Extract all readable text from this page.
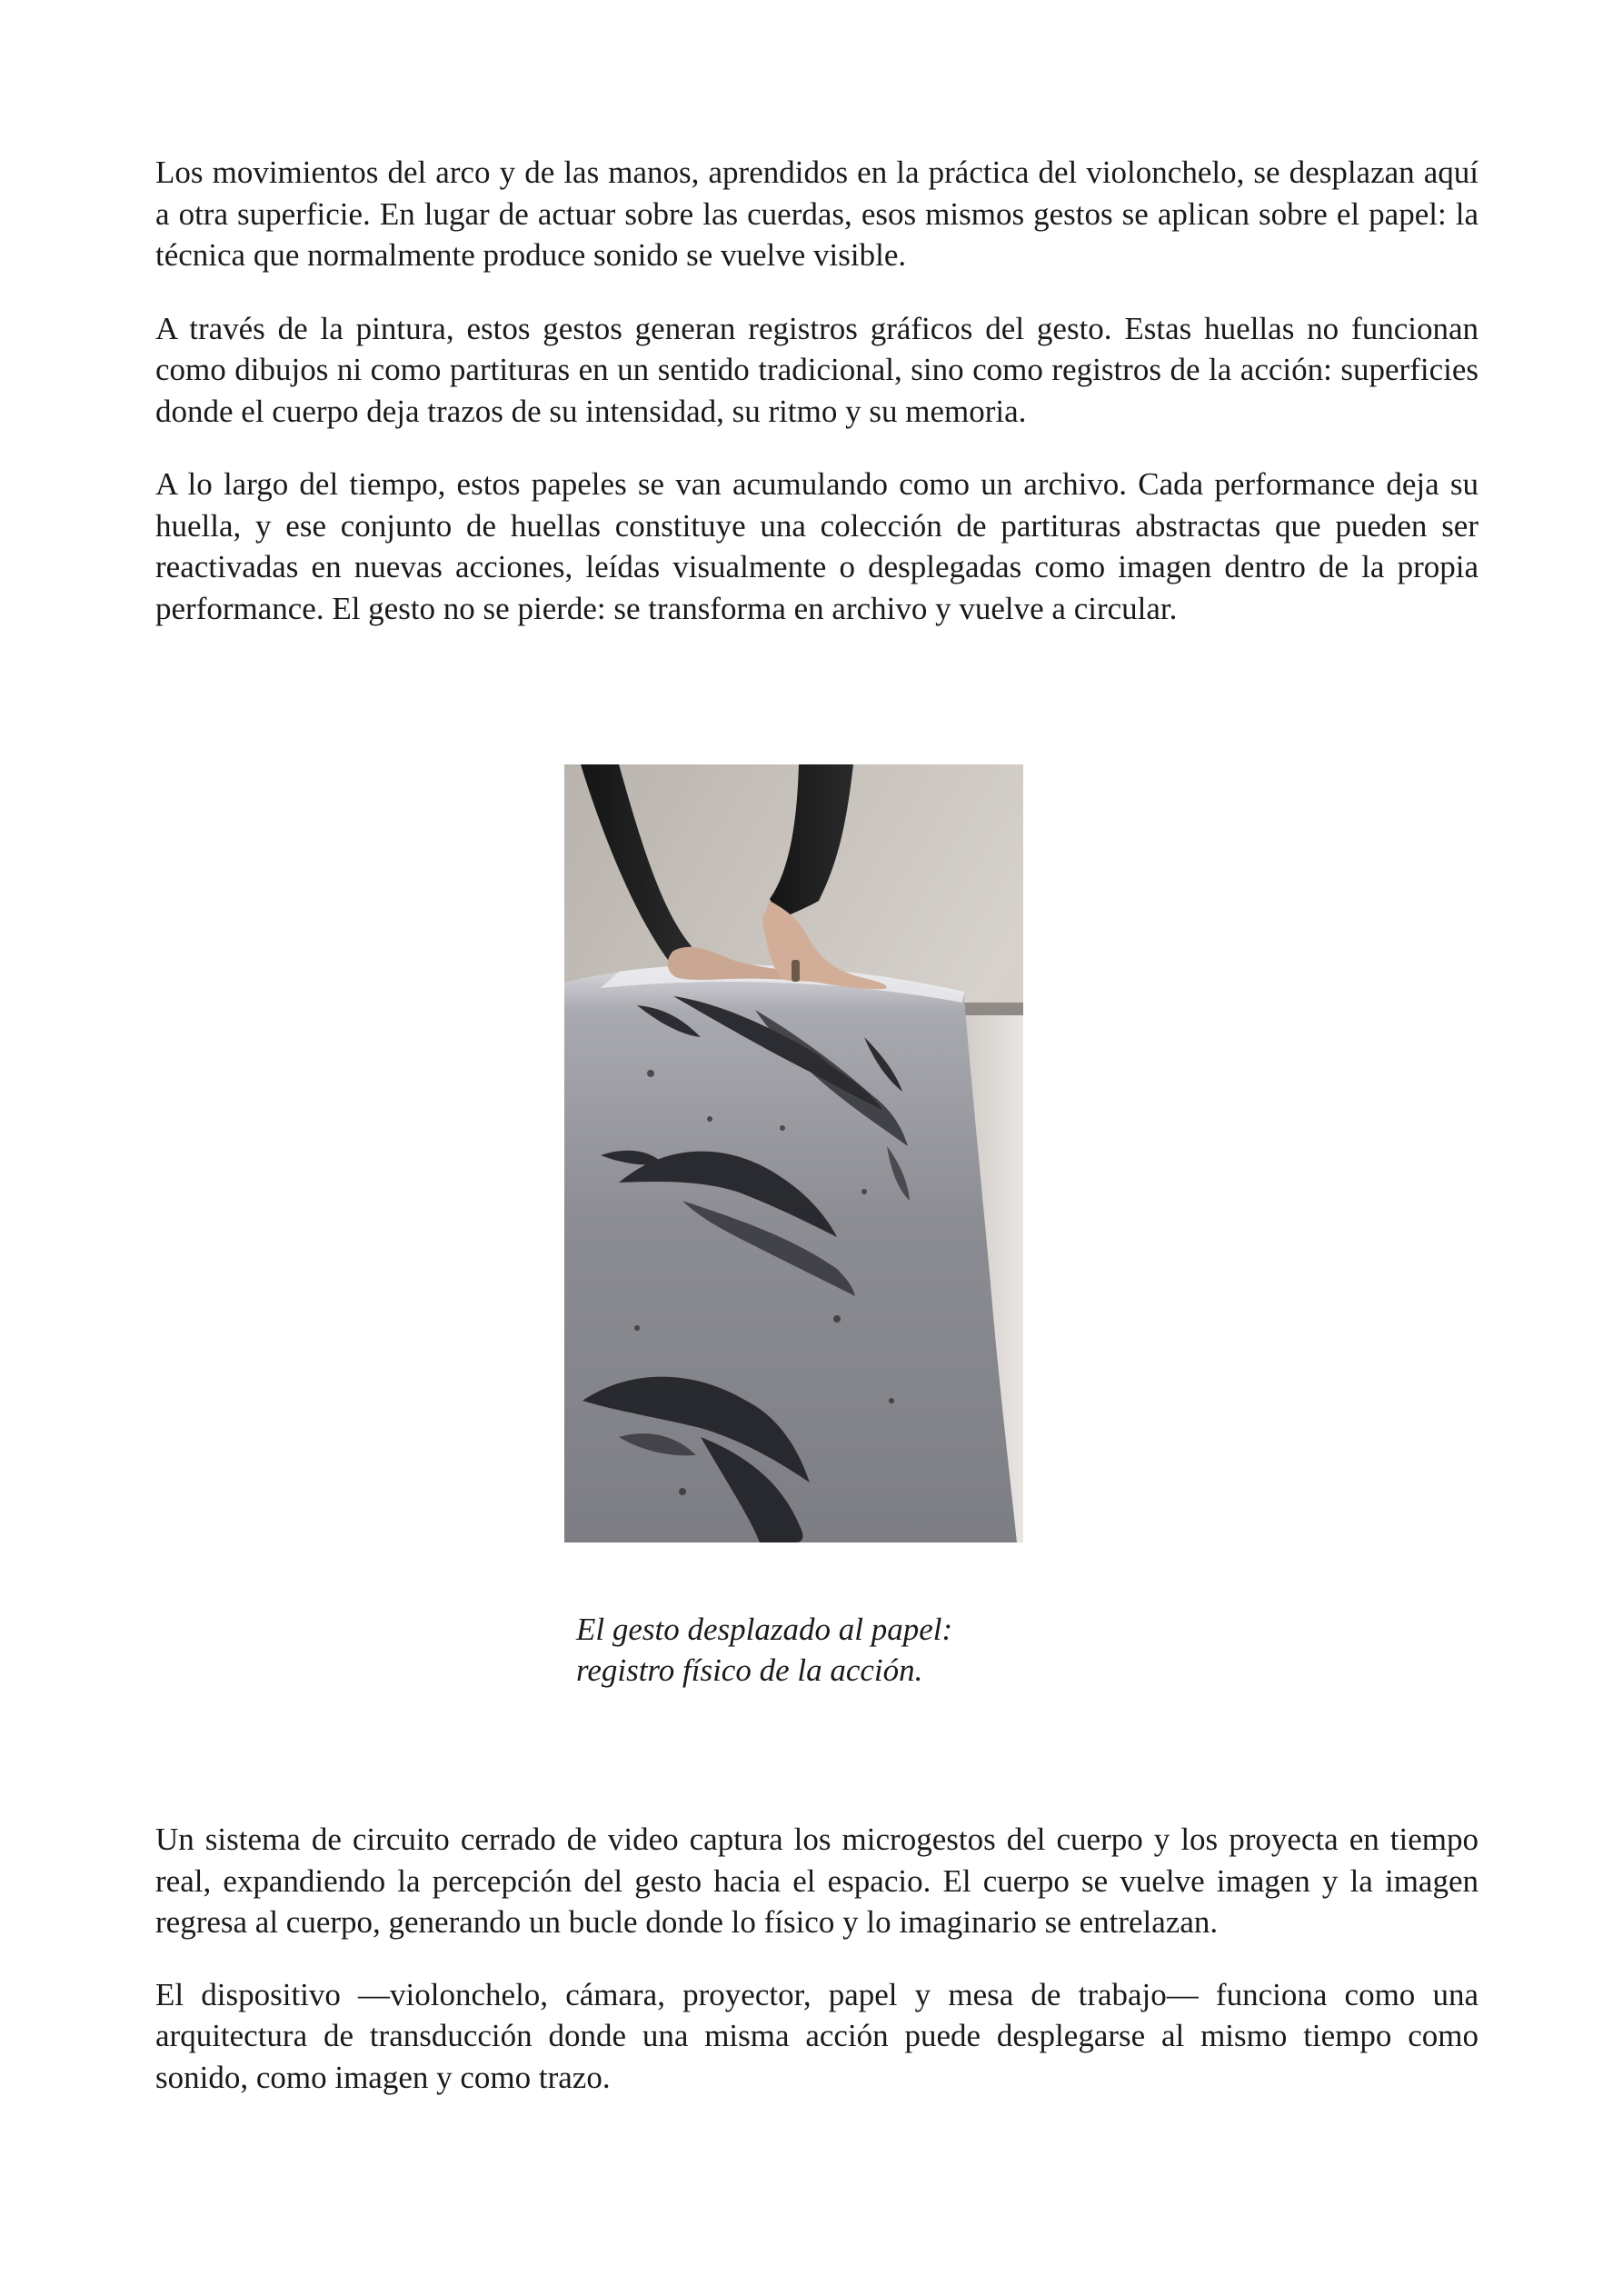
Los movimientos del arco y de las manos, aprendidos en la práctica del violonchelo, se desplazan aquí a otra superficie. En lugar de actuar sobre las cuerdas, esos mismos gestos se aplican sobre el papel: la técnica que normalmente produce sonido se vuelve visible.

A través de la pintura, estos gestos generan registros gráficos del gesto. Estas huellas no funcionan como dibujos ni como partituras en un sentido tradicional, sino como registros de la acción: superficies donde el cuerpo deja trazos de su intensidad, su ritmo y su memoria.

A lo largo del tiempo, estos papeles se van acumulando como un archivo. Cada performance deja su huella, y ese conjunto de huellas constituye una colección de partituras abstractas que pueden ser reactivadas en nuevas acciones, leídas visualmente o desplegadas como imagen dentro de la propia performance. El gesto no se pierde: se transforma en archivo y vuelve a circular.

El gesto desplazado al papel:
registro físico de la acción.

Un sistema de circuito cerrado de video captura los microgestos del cuerpo y los proyecta en tiempo real, expandiendo la percepción del gesto hacia el espacio. El cuerpo se vuelve imagen y la imagen regresa al cuerpo, generando un bucle donde lo físico y lo imaginario se entrelazan.

El dispositivo —violonchelo, cámara, proyector, papel y mesa de trabajo— funciona como una arquitectura de transducción donde una misma acción puede desplegarse al mismo tiempo como sonido, como imagen y como trazo.
